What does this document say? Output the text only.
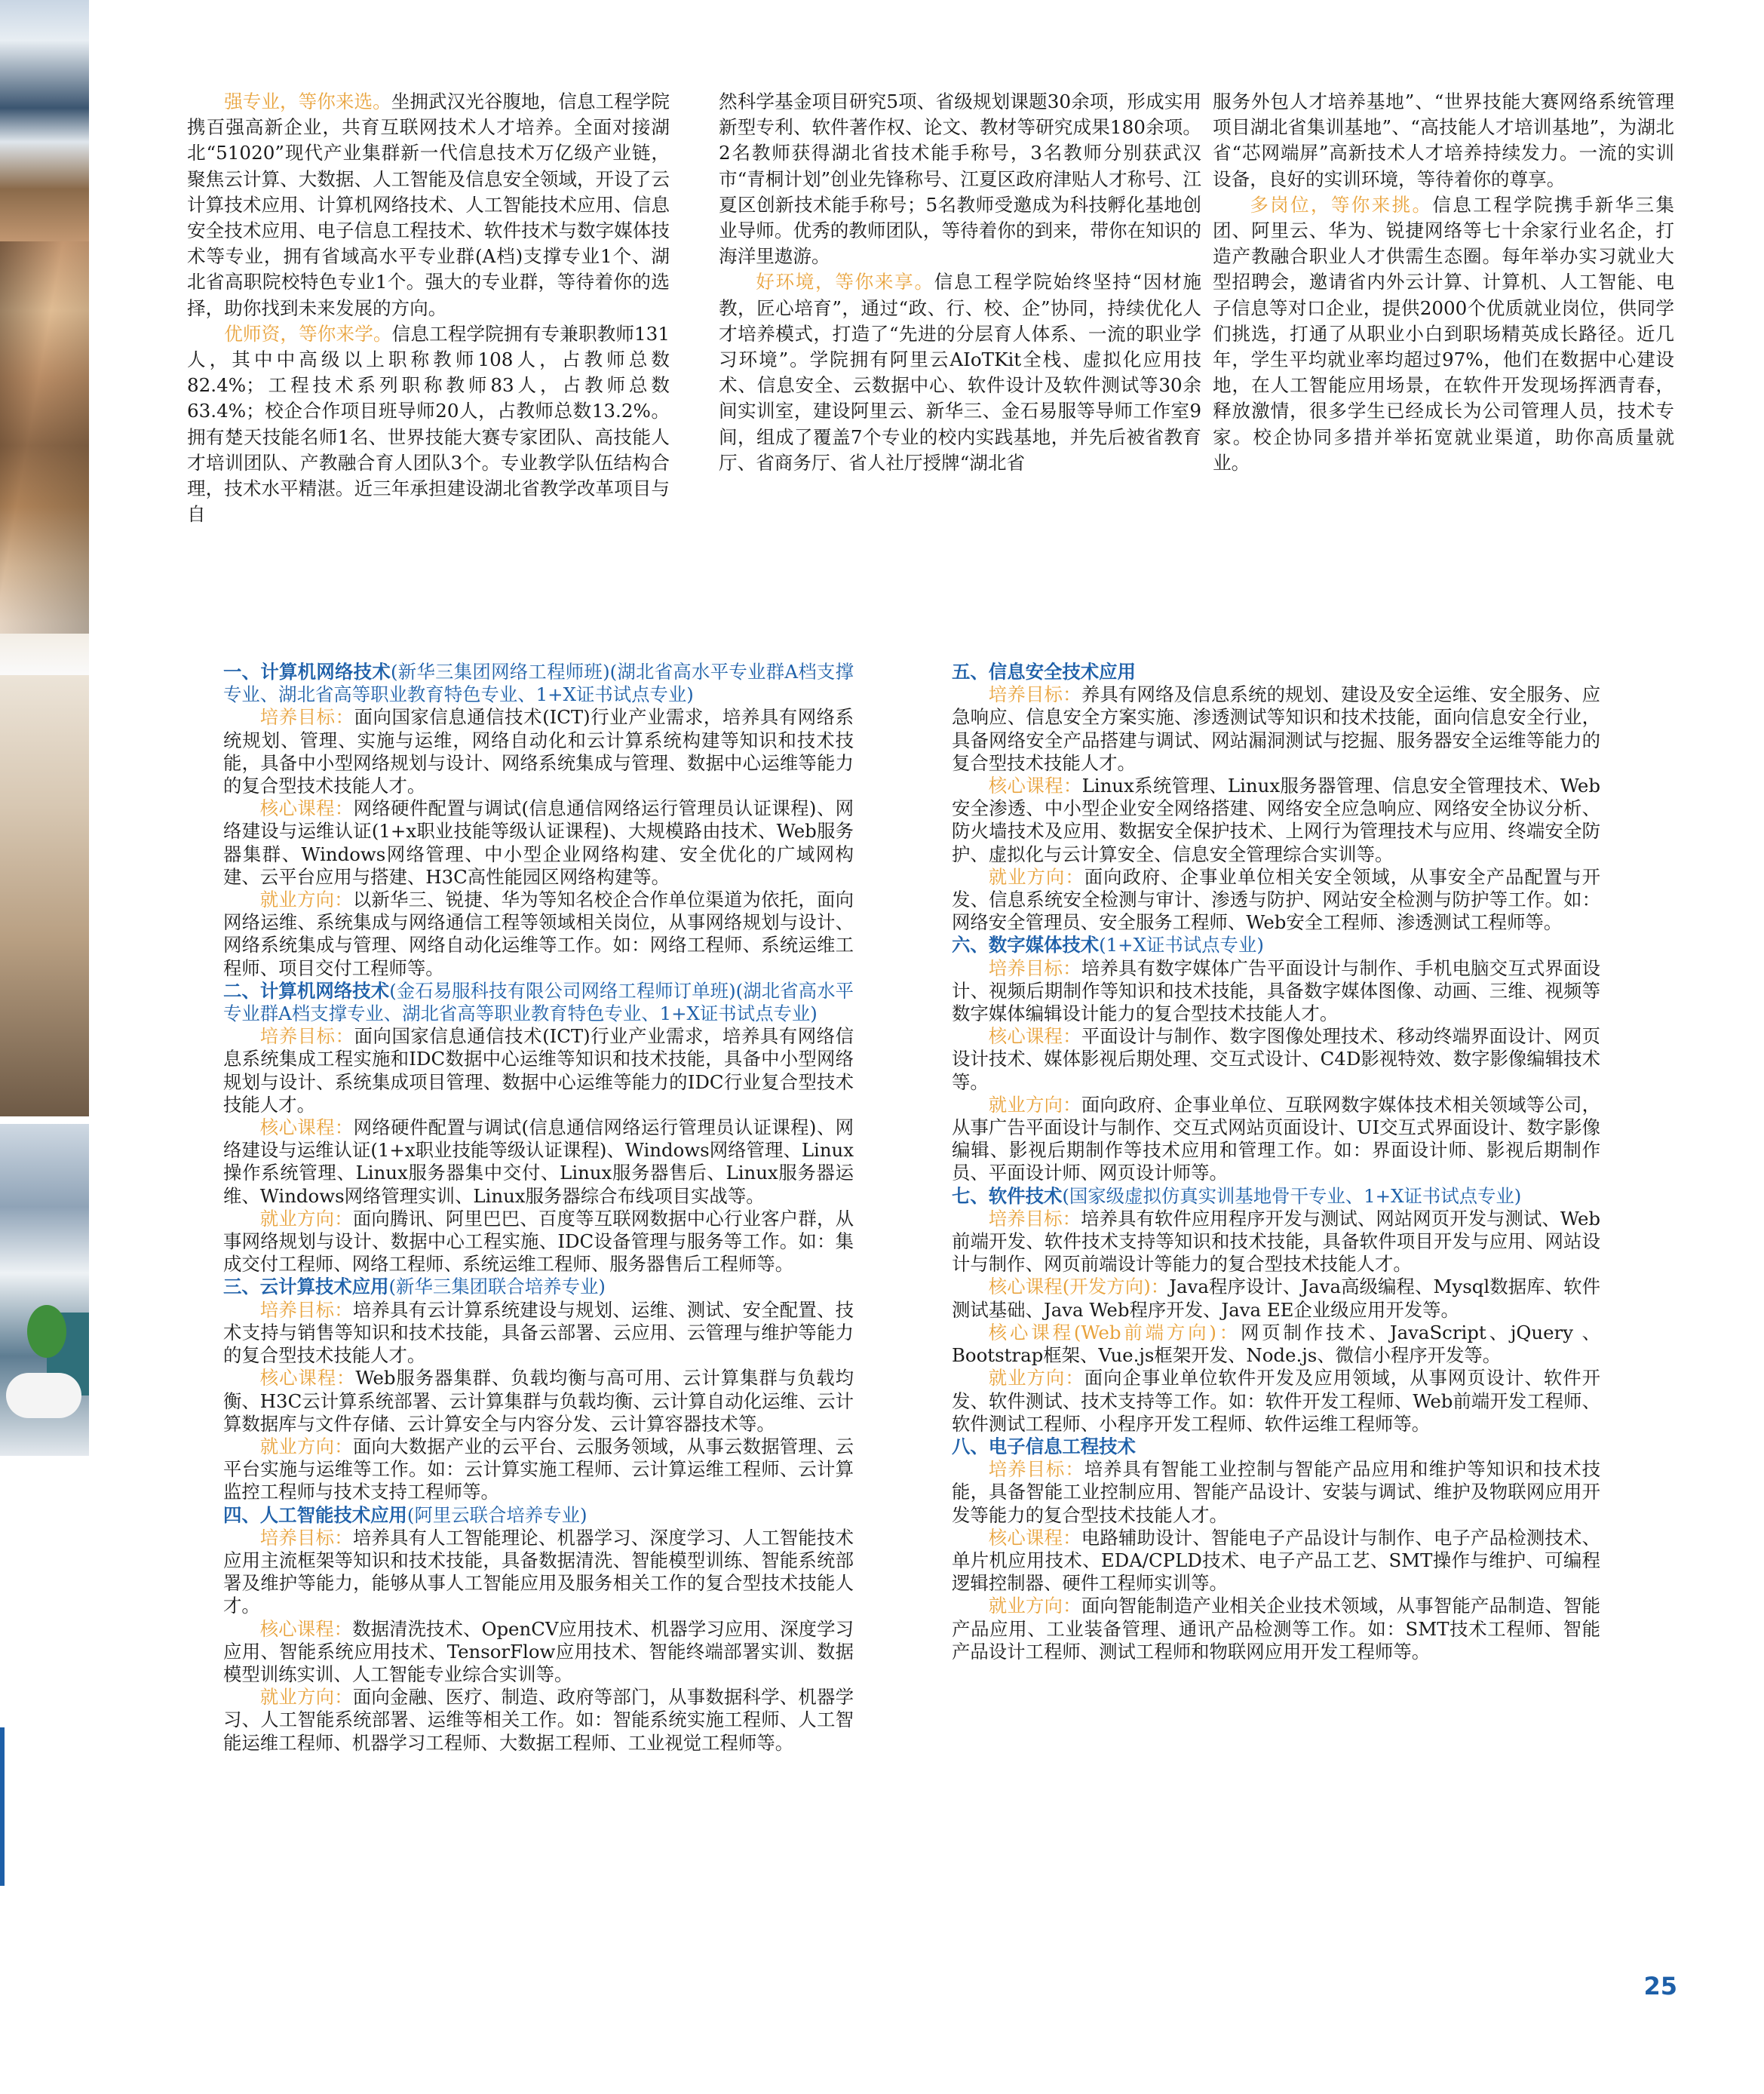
强专业，等你来选。坐拥武汉光谷腹地，信息工程学院携百强高新企业，共育互联网技术人才培养。全面对接湖北“51020”现代产业集群新一代信息技术万亿级产业链，聚焦云计算、大数据、人工智能及信息安全领域，开设了云计算技术应用、计算机网络技术、人工智能技术应用、信息安全技术应用、电子信息工程技术、软件技术与数字媒体技术等专业，拥有省域高水平专业群(A档)支撑专业1个、湖北省高职院校特色专业1个。强大的专业群，等待着你的选择，助你找到未来发展的方向。

优师资，等你来学。信息工程学院拥有专兼职教师131人，其中中高级以上职称教师108人，占教师总数82.4%；工程技术系列职称教师83人，占教师总数63.4%；校企合作项目班导师20人，占教师总数13.2%。拥有楚天技能名师1名、世界技能大赛专家团队、高技能人才培训团队、产教融合育人团队3个。专业教学队伍结构合理，技术水平精湛。近三年承担建设湖北省教学改革项目与自

然科学基金项目研究5项、省级规划课题30余项，形成实用新型专利、软件著作权、论文、教材等研究成果180余项。2名教师获得湖北省技术能手称号，3名教师分别获武汉市“青桐计划”创业先锋称号、江夏区政府津贴人才称号、江夏区创新技术能手称号；5名教师受邀成为科技孵化基地创业导师。优秀的教师团队，等待着你的到来，带你在知识的海洋里遨游。

好环境，等你来享。信息工程学院始终坚持“因材施教，匠心培育”，通过“政、行、校、企”协同，持续优化人才培养模式，打造了“先进的分层育人体系、一流的职业学习环境”。学院拥有阿里云AIoTKit全栈、虚拟化应用技术、信息安全、云数据中心、软件设计及软件测试等30余间实训室，建设阿里云、新华三、金石易服等导师工作室9间，组成了覆盖7个专业的校内实践基地，并先后被省教育厅、省商务厅、省人社厅授牌“湖北省

服务外包人才培养基地”、“世界技能大赛网络系统管理项目湖北省集训基地”、“高技能人才培训基地”，为湖北省“芯网端屏”高新技术人才培养持续发力。一流的实训设备，良好的实训环境，等待着你的尊享。

多岗位，等你来挑。信息工程学院携手新华三集团、阿里云、华为、锐捷网络等七十余家行业名企，打造产教融合职业人才供需生态圈。每年举办实习就业大型招聘会，邀请省内外云计算、计算机、人工智能、电子信息等对口企业，提供2000个优质就业岗位，供同学们挑选，打通了从职业小白到职场精英成长路径。近几年，学生平均就业率均超过97%，他们在数据中心建设地，在人工智能应用场景，在软件开发现场挥洒青春，释放激情，很多学生已经成长为公司管理人员，技术专家。校企协同多措并举拓宽就业渠道，助你高质量就业。

一、计算机网络技术(新华三集团网络工程师班)(湖北省高水平专业群A档支撑专业、湖北省高等职业教育特色专业、1+X证书试点专业)

培养目标：面向国家信息通信技术(ICT)行业产业需求，培养具有网络系统规划、管理、实施与运维，网络自动化和云计算系统构建等知识和技术技能，具备中小型网络规划与设计、网络系统集成与管理、数据中心运维等能力的复合型技术技能人才。

核心课程：网络硬件配置与调试(信息通信网络运行管理员认证课程)、网络建设与运维认证(1+x职业技能等级认证课程)、大规模路由技术、Web服务器集群、Windows网络管理、中小型企业网络构建、安全优化的广域网构建、云平台应用与搭建、H3C高性能园区网络构建等。

就业方向：以新华三、锐捷、华为等知名校企合作单位渠道为依托，面向网络运维、系统集成与网络通信工程等领域相关岗位，从事网络规划与设计、网络系统集成与管理、网络自动化运维等工作。如：网络工程师、系统运维工程师、项目交付工程师等。

二、计算机网络技术(金石易服科技有限公司网络工程师订单班)(湖北省高水平专业群A档支撑专业、湖北省高等职业教育特色专业、1+X证书试点专业)

培养目标：面向国家信息通信技术(ICT)行业产业需求，培养具有网络信息系统集成工程实施和IDC数据中心运维等知识和技术技能，具备中小型网络规划与设计、系统集成项目管理、数据中心运维等能力的IDC行业复合型技术技能人才。

核心课程：网络硬件配置与调试(信息通信网络运行管理员认证课程)、网络建设与运维认证(1+x职业技能等级认证课程)、Windows网络管理、Linux操作系统管理、Linux服务器集中交付、Linux服务器售后、Linux服务器运维、Windows网络管理实训、Linux服务器综合布线项目实战等。

就业方向：面向腾讯、阿里巴巴、百度等互联网数据中心行业客户群，从事网络规划与设计、数据中心工程实施、IDC设备管理与服务等工作。如：集成交付工程师、网络工程师、系统运维工程师、服务器售后工程师等。

三、云计算技术应用(新华三集团联合培养专业)

培养目标：培养具有云计算系统建设与规划、运维、测试、安全配置、技术支持与销售等知识和技术技能，具备云部署、云应用、云管理与维护等能力的复合型技术技能人才。

核心课程：Web服务器集群、负载均衡与高可用、云计算集群与负载均衡、H3C云计算系统部署、云计算集群与负载均衡、云计算自动化运维、云计算数据库与文件存储、云计算安全与内容分发、云计算容器技术等。

就业方向：面向大数据产业的云平台、云服务领域，从事云数据管理、云平台实施与运维等工作。如：云计算实施工程师、云计算运维工程师、云计算监控工程师与技术支持工程师等。

四、人工智能技术应用(阿里云联合培养专业)

培养目标：培养具有人工智能理论、机器学习、深度学习、人工智能技术应用主流框架等知识和技术技能，具备数据清洗、智能模型训练、智能系统部署及维护等能力，能够从事人工智能应用及服务相关工作的复合型技术技能人才。

核心课程：数据清洗技术、OpenCV应用技术、机器学习应用、深度学习应用、智能系统应用技术、TensorFlow应用技术、智能终端部署实训、数据模型训练实训、人工智能专业综合实训等。

就业方向：面向金融、医疗、制造、政府等部门，从事数据科学、机器学习、人工智能系统部署、运维等相关工作。如：智能系统实施工程师、人工智能运维工程师、机器学习工程师、大数据工程师、工业视觉工程师等。

五、信息安全技术应用

培养目标：养具有网络及信息系统的规划、建设及安全运维、安全服务、应急响应、信息安全方案实施、渗透测试等知识和技术技能，面向信息安全行业，具备网络安全产品搭建与调试、网站漏洞测试与挖掘、服务器安全运维等能力的复合型技术技能人才。

核心课程：Linux系统管理、Linux服务器管理、信息安全管理技术、Web安全渗透、中小型企业安全网络搭建、网络安全应急响应、网络安全协议分析、防火墙技术及应用、数据安全保护技术、上网行为管理技术与应用、终端安全防护、虚拟化与云计算安全、信息安全管理综合实训等。

就业方向：面向政府、企事业单位相关安全领域，从事安全产品配置与开发、信息系统安全检测与审计、渗透与防护、网站安全检测与防护等工作。如：网络安全管理员、安全服务工程师、Web安全工程师、渗透测试工程师等。

六、数字媒体技术(1+X证书试点专业)

培养目标：培养具有数字媒体广告平面设计与制作、手机电脑交互式界面设计、视频后期制作等知识和技术技能，具备数字媒体图像、动画、三维、视频等数字媒体编辑设计能力的复合型技术技能人才。

核心课程：平面设计与制作、数字图像处理技术、移动终端界面设计、网页设计技术、媒体影视后期处理、交互式设计、C4D影视特效、数字影像编辑技术等。

就业方向：面向政府、企事业单位、互联网数字媒体技术相关领域等公司，从事广告平面设计与制作、交互式网站页面设计、UI交互式界面设计、数字影像编辑、影视后期制作等技术应用和管理工作。如：界面设计师、影视后期制作员、平面设计师、网页设计师等。

七、软件技术(国家级虚拟仿真实训基地骨干专业、1+X证书试点专业)

培养目标：培养具有软件应用程序开发与测试、网站网页开发与测试、Web前端开发、软件技术支持等知识和技术技能，具备软件项目开发与应用、网站设计与制作、网页前端设计等能力的复合型技术技能人才。

核心课程(开发方向)：Java程序设计、Java高级编程、Mysql数据库、软件测试基础、Java Web程序开发、Java EE企业级应用开发等。

核心课程(Web前端方向)：网页制作技术、JavaScript、jQuery 、Bootstrap框架、Vue.js框架开发、Node.js、微信小程序开发等。

就业方向：面向企事业单位软件开发及应用领域，从事网页设计、软件开发、软件测试、技术支持等工作。如：软件开发工程师、Web前端开发工程师、软件测试工程师、小程序开发工程师、软件运维工程师等。

八、电子信息工程技术

培养目标：培养具有智能工业控制与智能产品应用和维护等知识和技术技能，具备智能工业控制应用、智能产品设计、安装与调试、维护及物联网应用开发等能力的复合型技术技能人才。

核心课程：电路辅助设计、智能电子产品设计与制作、电子产品检测技术、单片机应用技术、EDA/CPLD技术、电子产品工艺、SMT操作与维护、可编程逻辑控制器、硬件工程师实训等。

就业方向：面向智能制造产业相关企业技术领域，从事智能产品制造、智能产品应用、工业装备管理、通讯产品检测等工作。如：SMT技术工程师、智能产品设计工程师、测试工程师和物联网应用开发工程师等。

25
